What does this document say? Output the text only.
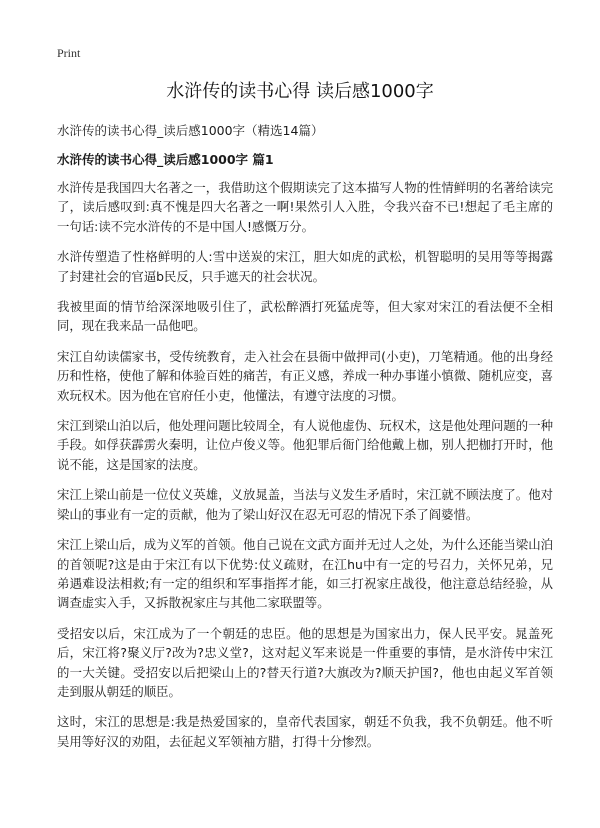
Print
水浒传的读书心得 读后感1000字
水浒传的读书心得_读后感1000字（精选14篇）
水浒传的读书心得_读后感1000字 篇1

水浒传是我国四大名著之一，我借助这个假期读完了这本描写人物的性情鲜明的名著给读完了，读后感叹到:真不愧是四大名著之一啊!果然引人入胜，令我兴奋不已!想起了毛主席的一句话:读不完水浒传的不是中国人!感慨万分。

水浒传塑造了性格鲜明的人:雪中送炭的宋江，胆大如虎的武松，机智聪明的吴用等等揭露了封建社会的官逼b民反，只手遮天的社会状况。

我被里面的情节给深深地吸引住了，武松醉酒打死猛虎等，但大家对宋江的看法便不全相同，现在我来品一品他吧。

宋江自幼读儒家书，受传统教育，走入社会在县衙中做押司(小吏)，刀笔精通。他的出身经历和性格，使他了解和体验百姓的痛苦，有正义感，养成一种办事谨小慎微、随机应变，喜欢玩权术。因为他在官府任小吏，他懂法，有遵守法度的习惯。

宋江到梁山泊以后，他处理问题比较周全，有人说他虚伪、玩权术，这是他处理问题的一种手段。如俘获霹雳火秦明，让位卢俊义等。他犯罪后衙门给他戴上枷，别人把枷打开时，他说不能，这是国家的法度。

宋江上梁山前是一位仗义英雄，义放晁盖，当法与义发生矛盾时，宋江就不顾法度了。他对梁山的事业有一定的贡献，他为了梁山好汉在忍无可忍的情况下杀了阎婆惜。

宋江上梁山后，成为义军的首领。他自己说在文武方面并无过人之处，为什么还能当梁山泊的首领呢?这是由于宋江有以下优势:仗义疏财，在江hu中有一定的号召力，关怀兄弟，兄弟遇难设法相救;有一定的组织和军事指挥才能，如三打祝家庄战役，他注意总结经验，从调查虚实入手，又拆散祝家庄与其他二家联盟等。

受招安以后，宋江成为了一个朝廷的忠臣。他的思想是为国家出力，保人民平安。晁盖死后，宋江将?聚义厅?改为?忠义堂?，这对起义军来说是一件重要的事情，是水浒传中宋江的一大关键。受招安以后把梁山上的?替天行道?大旗改为?顺天护国?，他也由起义军首领走到服从朝廷的顺臣。

这时，宋江的思想是:我是热爱国家的，皇帝代表国家，朝廷不负我，我不负朝廷。他不听吴用等好汉的劝阻，去征起义军领袖方腊，打得十分惨烈。
